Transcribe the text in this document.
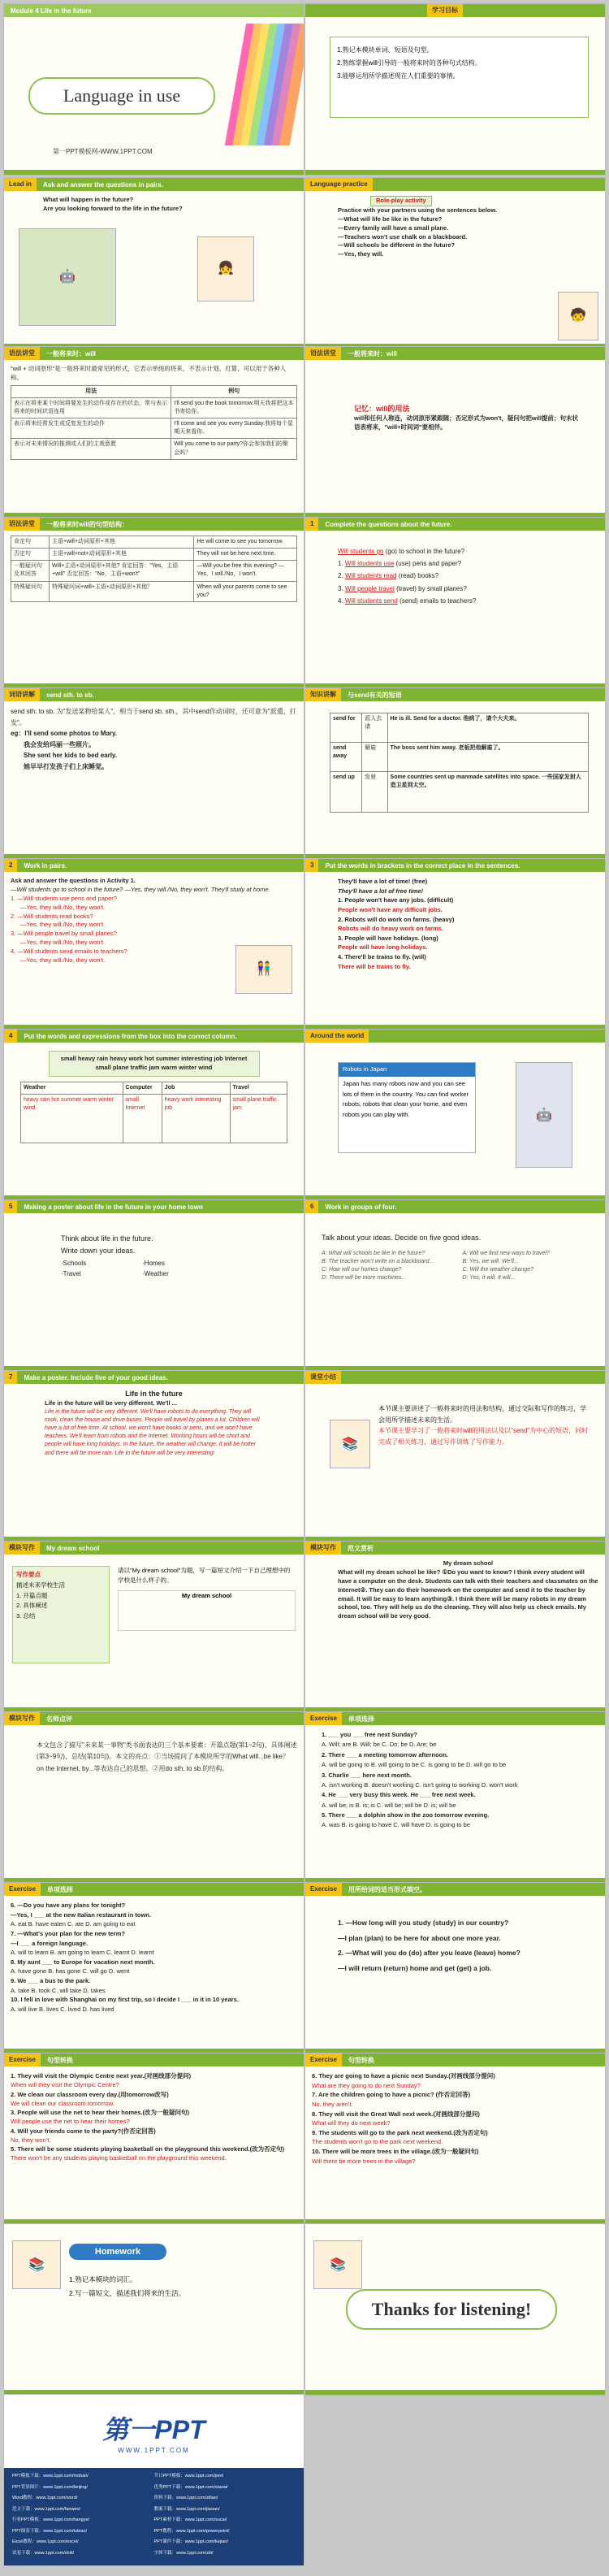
Module 4 Life in the future
Language in use
第一PPT模板网-WWW.1PPT.COM
学习目标
1.熟记本模块单词、短语及句型。
2.熟练掌握will引导的一般将来时的各种句式结构。
3.能够运用所学描述现在人们重要的事情。
Lead in	Ask and answer the questions in pairs.
What will happen in the future?
Are you looking forward to the life in the future?
🤖
👧
Language practice
Role-play activity
Practice with your partners using the sentences below.
—What will life be like in the future?
—Every family will have a small plane.
—Teachers won't use chalk on a blackboard.
—Will schools be different in the future?
—Yes, they will.
🧒
语法讲堂	一般将来时：will
"will + 动词原形"是一般将来时最常见的形式，它表示单纯的将来，不表示计划、打算，可以用于各种人称。
用法	例句
表示在将来某个时间将要发生的动作或存在的状态，常与表示将来的时间状语连用	I'll send you the book tomorrow.明天我将把这本书寄给你。
表示将来经常发生或反复发生的动作	I'll come and see you every Sunday.我将每个星期天来看你。
表示对未来情况的推测或人们的主观意愿	Will you come to our party?你会参加我们的聚会吗？
语法讲堂	一般将来时：will
记忆：will的用法
will和任何人称连，动词原形紧跟随；否定形式为won't，疑问句把will提前；句末状语表将来，"will+时间词"要相伴。
语法讲堂	一般将来时will的句型结构：
肯定句	主语+will+动词原形+其他	He will come to see you tomorrow.
否定句	主语+will+not+动词原形+其他	They will not be here next time.
一般疑问句及其回答	Will+主语+动词原形+其他? 肯定回答："Yes，主语+will" 否定回答："No，主语+won't"	—Will you be free this evening? —Yes，I will./No，I won't.
特殊疑问句	特殊疑问词+will+主语+动词原形+其他？	When will your parents come to see you?
1	Complete the questions about the future.
Will students go (go) to school in the future?
1. Will students use (use) pens and paper?
2. Will students read (read) books?
3. Will people travel (travel) by small planes?
4. Will students send (send) emails to teachers?
词语讲解	send sth. to sb.
send sth. to sb. 为"发送某物给某人"，相当于send sb. sth.，其中send作动词时，还可意为"派遣，打发"。
eg：I'll send some photos to Mary.
我会发给玛丽一些照片。
She sent her kids to bed early.
她早早打发孩子们上床睡觉。
知识讲解	与send有关的短语
send for	派人去请	He is ill. Send for a doctor. 他病了，请个大夫来。
send away	解雇	The boss sent him away. 老板把他解雇了。
send up	发射	Some countries sent up manmade satellites into space. 一些国家发射人造卫星到太空。
2	Work in pairs.
Ask and answer the questions in Activity 1.
—Will students go to school in the future? —Yes, they will./No, they won't. They'll study at home.
1. —Will students use pens and paper?
—Yes, they will./No, they won't.
2. —Will students read books?
—Yes, they will./No, they won't.
3. —Will people travel by small planes?
—Yes, they will./No, they won't.
4. —Will students send emails to teachers?
—Yes, they will./No, they won't.
👫
3	Put the words in brackets in the correct place in the sentences.
They'll have a lot of time! (free)
They'll have a lot of free time!
1. People won't have any jobs. (difficult)
People won't have any difficult jobs.
2. Robots will do work on farms. (heavy)
Robots will do heavy work on farms.
3. People will have holidays. (long)
People will have long holidays.
4. There'll be trains to fly. (will)
There will be trains to fly.
4	Put the words and expressions from the box into the correct column.
small heavy rain heavy work hot summer interesting job Internet small plane traffic jam warm winter wind
Weather	Computer	Job	Travel
heavy rain hot summer warm winter wind	small Internet	heavy work interesting job	small plane traffic jam
Around the world
Robots in Japan
Japan has many robots now and you can see lots of them in the country. You can find worker robots, robots that clean your home, and even robots you can play with.	🤖
5	Making a poster about life in the future in your home town
Think about life in the future.
Write down your ideas.
·Schools	·Homes
·Travel	·Weather
6	Work in groups of four.
Talk about your ideas. Decide on five good ideas.
A: What will schools be like in the future?
B: The teacher won't write on a blackboard...
C: How will our homes change?
D: There will be more machines...
A: Will we find new ways to travel?
B: Yes, we will. We'll...
C: Will the weather change?
D: Yes, it will. It will...
7	Make a poster. Include five of your good ideas.
Life in the future
Life in the future will be very different. We'll ...
Life in the future will be very different. We'll have robots to do everything. They will cook, clean the house and drive buses. People will travel by planes a lot. Children will have a lot of free time. At school, we won't have books or pens, and we won't have teachers. We'll learn from robots and the Internet. Working hours will be short and people will have long holidays. In the future, the weather will change. It will be hotter and there will be more rain. Life in the future will be very interesting!
课堂小结
📚
本节课主要讲述了一般将来时的用法和结构，通过交际和写作的练习，学会用所学描述未来的生活。
本节课主要学习了一般将来时will的用法以及以"send"为中心的短语，同时完成了相关练习，通过写作训练了写作能力。
模块写作	My dream school
写作要点
描述未来学校生活
1. 开篇点题
2. 具体阐述
3. 总结
请以"My dream school"为题，写一篇短文介绍一下自己理想中的学校是什么样子的。
My dream school
模块写作	范文赏析
My dream school
What will my dream school be like? ①Do you want to know? I think every student will have a computer on the desk. Students can talk with their teachers and classmates on the Internet②. They can do their homework on the computer and send it to the teacher by email. It will be easy to learn anything③. I think there will be many robots in my dream school, too. They will help us do the cleaning. They will also help us check emails. My dream school will be very good.
模块写作	名师点评
本文包含了描写"未来某一事物"类书面表达的三个基本要素：开篇点题(第1~2句)、具体阐述(第3~9句)、总结(第10句)。本文的亮点：①当场提问了本模块所学的What will...be like？ on the Internet, by...等表达自己的思想。②用do sth. to sb.的结构。
Exercise	单项选择
1. ___ you ___ free next Sunday?
A. Will; are B. Will; be C. Do; be D. Are; be
2. There ___ a meeting tomorrow afternoon.
A. will be going to B. will going to be C. is going to be D. will go to be
3. Charlie ___ here next month.
A. isn't working B. doesn't working C. isn't going to working D. won't work
4. He ___ very busy this week. He ___ free next week.
A. will be; is B. is; is C. will be; will be D. is; will be
5. There ___ a dolphin show in the zoo tomorrow evening.
A. was B. is going to have C. will have D. is going to be
Exercise	单项选择
6. —Do you have any plans for tonight?
—Yes, I ___ at the new Italian restaurant in town.
A. eat B. have eaten C. ate D. am going to eat
7. —What's your plan for the new term?
—I ___ a foreign language.
A. will to learn B. am going to learn C. learnt D. learnt
8. My aunt ___ to Europe for vacation next month.
A. have gone B. has gone C. will go D. went
9. We ___ a bus to the park.
A. take B. took C. will take D. takes
10. I fell in love with Shanghai on my first trip, so I decide I ___ in it in 10 years.
A. will live B. lives C. lived D. has lived
Exercise	用所给词的适当形式填空。
1. —How long will you study (study) in our country?
—I plan (plan) to be here for about one more year.
2. —What will you do (do) after you leave (leave) home?
—I will return (return) home and get (get) a job.
Exercise	句型转换
1. They will visit the Olympic Centre next year.(对画线部分提问)
When will they visit the Olympic Centre?
2. We clean our classroom every day.(用tomorrow改写)
We will clean our classroom tomorrow.
3. People will use the net to hear their homes.(改为一般疑问句)
Will people use the net to hear their homes?
4. Will your friends come to the party?(作否定回答)
No, they won't.
5. There will be some students playing basketball on the playground this weekend.(改为否定句)
There won't be any students playing basketball on the playground this weekend.
Exercise	句型转换
6. They are going to have a picnic next Sunday.(对画线部分提问)
What are they going to do next Sunday?
7. Are the children going to have a picnic? (作否定回答)
No, they aren't.
8. They will visit the Great Wall next week.(对画线部分提问)
What will they do next week?
9. The students will go to the park next weekend.(改为否定句)
The students won't go to the park next weekend.
10. There will be more trees in the village.(改为一般疑问句)
Will there be more trees in the village?
📚
Homework
1.熟记本模块的词汇。
2.写一篇短文，描述我们将来的生活。
📚
Thanks for listening!
第一PPT
WWW.1PPT.COM
PPT模板下载：www.1ppt.com/moban/	节日PPT模板：www.1ppt.com/jieri/
PPT背景图片：www.1ppt.com/beijing/	优秀PPT下载：www.1ppt.com/xiazai/
Word教程：www.1ppt.com/word/	资料下载：www.1ppt.com/ziliao/
范文下载：www.1ppt.com/fanwen/	教案下载：www.1ppt.com/jiaoan/
行业PPT模板：www.1ppt.com/hangye/	PPT素材下载：www.1ppt.com/sucai/
PPT图表下载：www.1ppt.com/tubiao/	PPT教程：www.1ppt.com/powerpoint/
Excel教程：www.1ppt.com/excel/	PPT课件下载：www.1ppt.com/kejian/
试卷下载：www.1ppt.com/shiti/	字体下载：www.1ppt.com/ziti/
